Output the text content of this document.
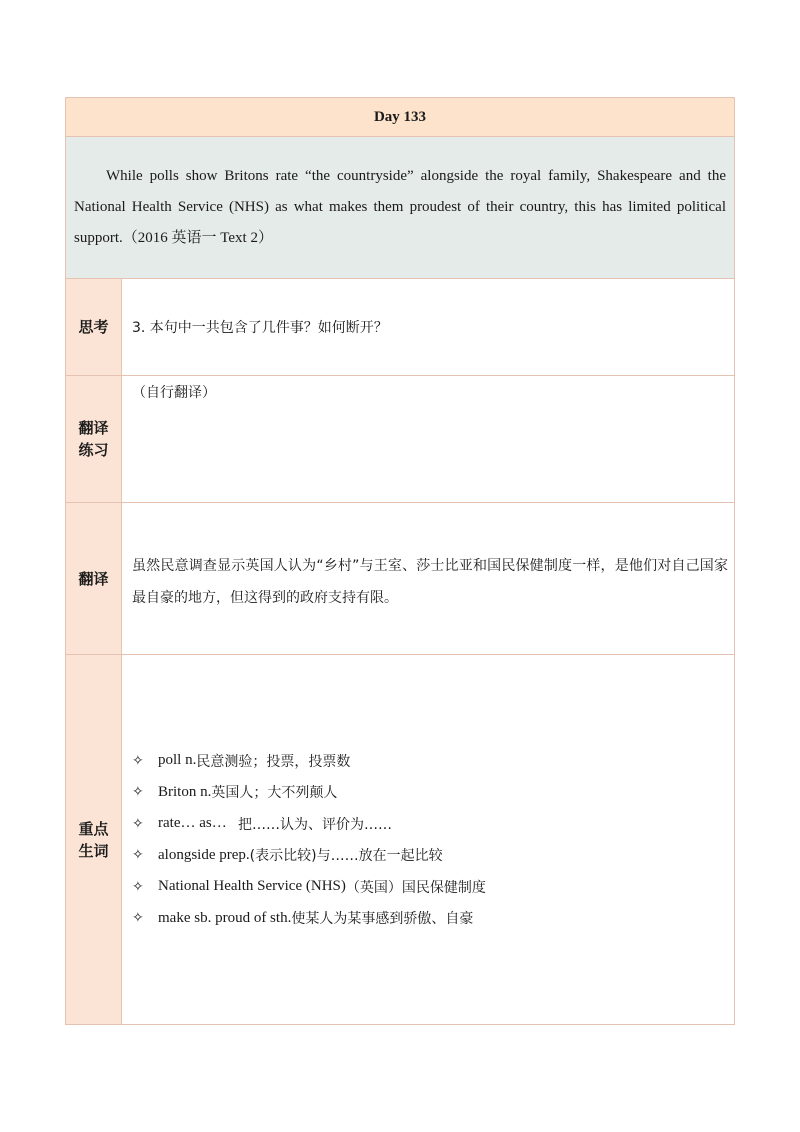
Day 133

While polls show Britons rate “the countryside” alongside the royal family, Shakespeare and the National Health Service (NHS) as what makes them proudest of their country, this has limited political support.（2016 英语一 Text 2）

思考	3. 本句中一共包含了几件事？如何断开？
翻译
练习
（自行翻译）
翻译
虽然民意调查显示英国人认为“乡村”与王室、莎士比亚和国民保健制度一样，是他们对自己国家最自豪的地方，但这得到的政府支持有限。
重点
生词
✧ poll n. 民意测验；投票，投票数
✧ Briton n. 英国人；大不列颠人
✧ rate… as… 把……认为、评价为……
✧ alongside prep. (表示比较)与……放在一起比较
✧ National Health Service (NHS) （英国）国民保健制度
✧ make sb. proud of sth. 使某人为某事感到骄傲、自豪
